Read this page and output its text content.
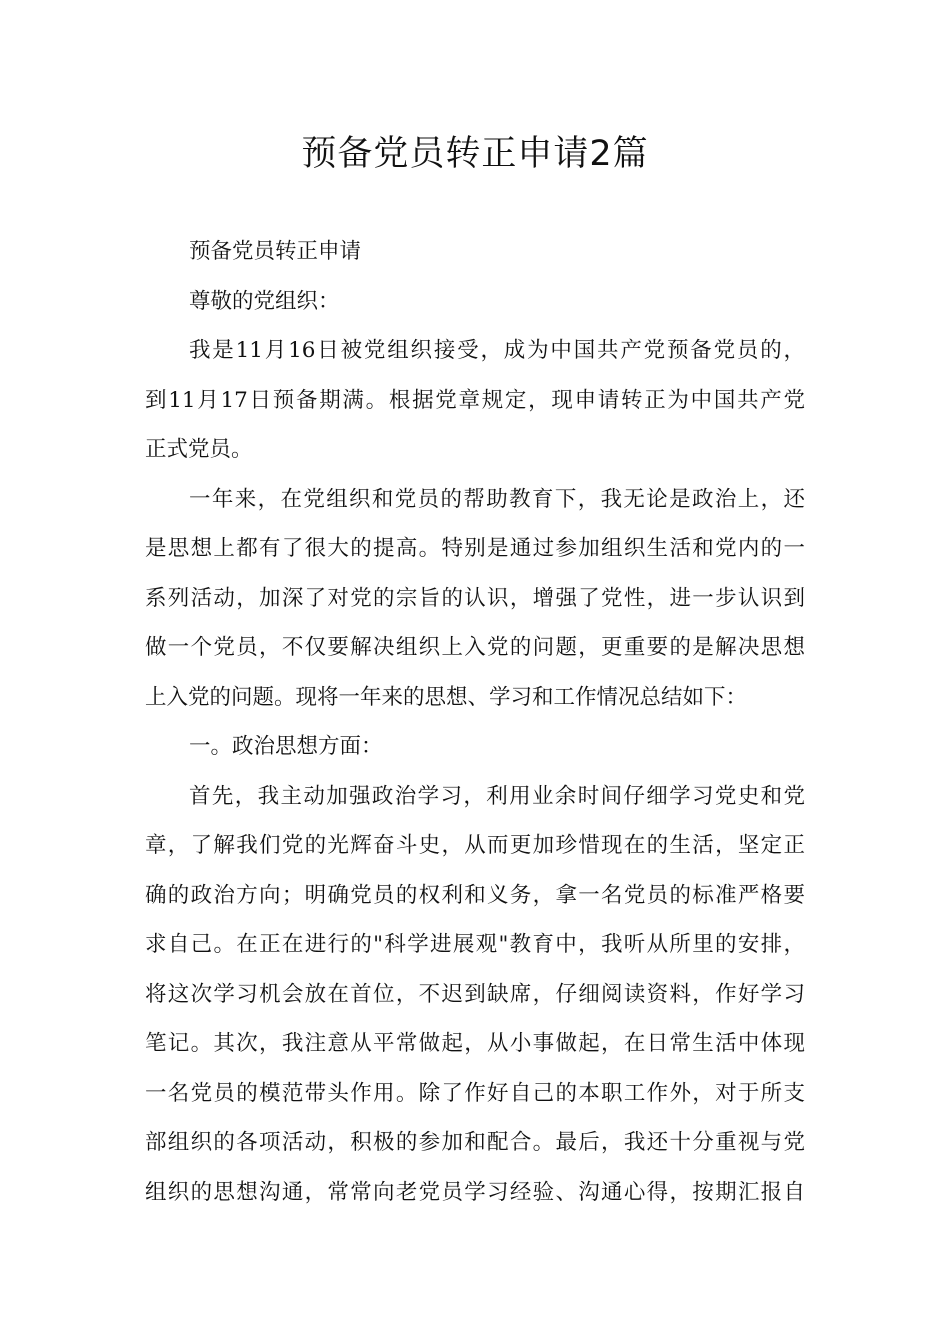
预备党员转正申请2篇

预备党员转正申请

尊敬的党组织：

我是11月16日被党组织接受，成为中国共产党预备党员的，
到11月17日预备期满。根据党章规定，现申请转正为中国共产党
正式党员。

一年来，在党组织和党员的帮助教育下，我无论是政治上，还
是思想上都有了很大的提高。特别是通过参加组织生活和党内的一
系列活动，加深了对党的宗旨的认识，增强了党性，进一步认识到
做一个党员，不仅要解决组织上入党的问题，更重要的是解决思想
上入党的问题。现将一年来的思想、学习和工作情况总结如下：

一。政治思想方面：

首先，我主动加强政治学习，利用业余时间仔细学习党史和党
章，了解我们党的光辉奋斗史，从而更加珍惜现在的生活，坚定正
确的政治方向；明确党员的权利和义务，拿一名党员的标准严格要
求自己。在正在进行的"科学进展观"教育中，我听从所里的安排，
将这次学习机会放在首位，不迟到缺席，仔细阅读资料，作好学习
笔记。其次，我注意从平常做起，从小事做起，在日常生活中体现
一名党员的模范带头作用。除了作好自己的本职工作外，对于所支
部组织的各项活动，积极的参加和配合。最后，我还十分重视与党
组织的思想沟通，常常向老党员学习经验、沟通心得，按期汇报自
